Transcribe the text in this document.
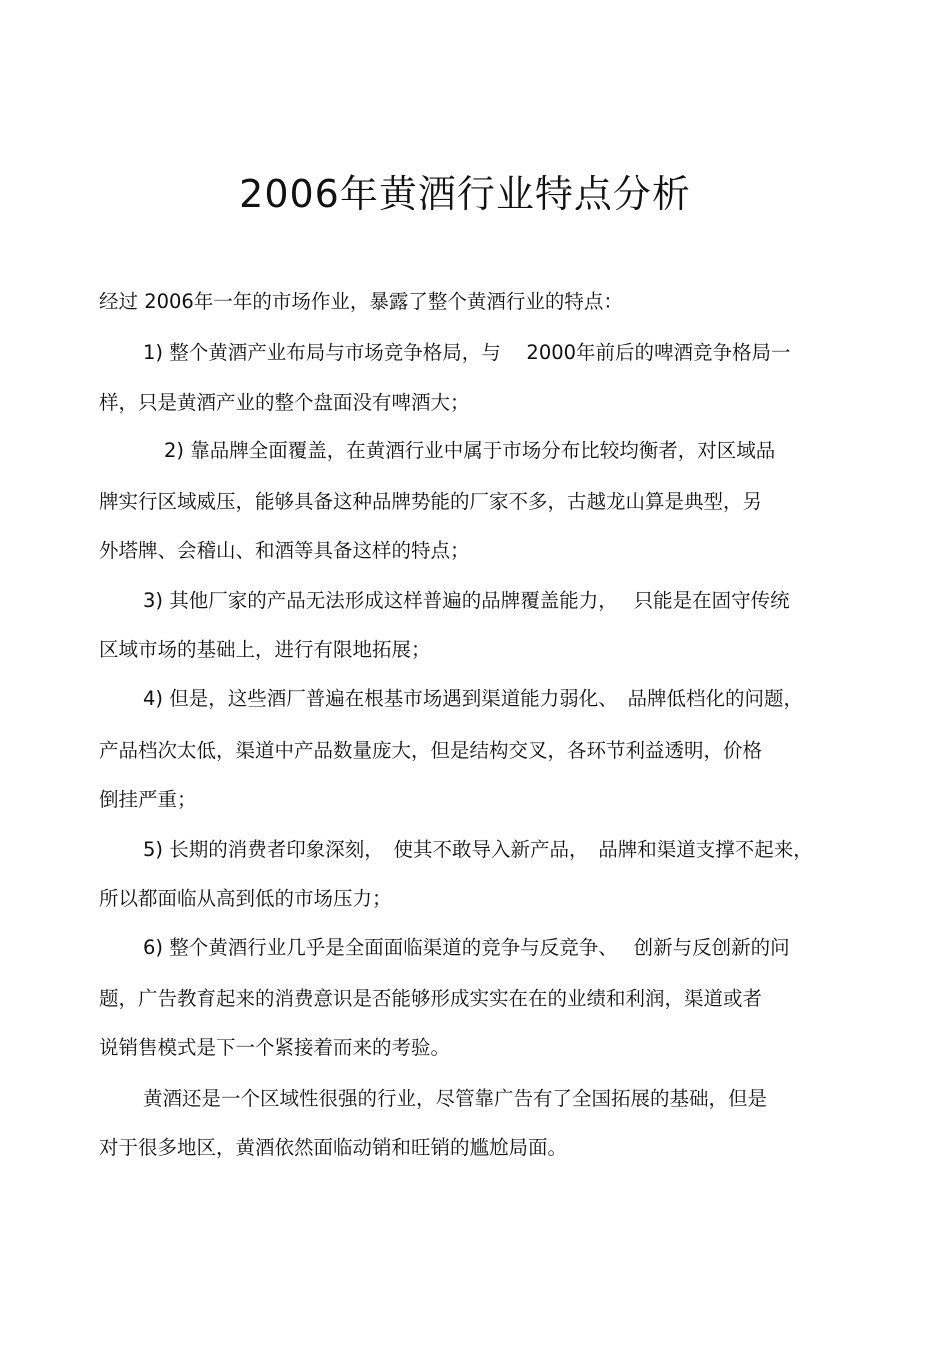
2006年黄酒行业特点分析
经过 2006年一年的市场作业，暴露了整个黄酒行业的特点：
1) 整个黄酒产业布局与市场竞争格局，与　 2000年前后的啤酒竞争格局一
样，只是黄酒产业的整个盘面没有啤酒大；
2) 靠品牌全面覆盖，在黄酒行业中属于市场分布比较均衡者，对区域品
牌实行区域威压，能够具备这种品牌势能的厂家不多，古越龙山算是典型，另
外塔牌、会稽山、和酒等具备这样的特点；
3) 其他厂家的产品无法形成这样普遍的品牌覆盖能力，　 只能是在固守传统
区域市场的基础上，进行有限地拓展；
4) 但是，这些酒厂普遍在根基市场遇到渠道能力弱化、　品牌低档化的问题，
产品档次太低，渠道中产品数量庞大，但是结构交叉，各环节利益透明，价格
倒挂严重；
5) 长期的消费者印象深刻，　使其不敢导入新产品，　品牌和渠道支撑不起来，
所以都面临从高到低的市场压力；
6) 整个黄酒行业几乎是全面面临渠道的竞争与反竞争、　 创新与反创新的问
题，广告教育起来的消费意识是否能够形成实实在在的业绩和利润，渠道或者
说销售模式是下一个紧接着而来的考验。
黄酒还是一个区域性很强的行业，尽管靠广告有了全国拓展的基础，但是
对于很多地区，黄酒依然面临动销和旺销的尴尬局面。
